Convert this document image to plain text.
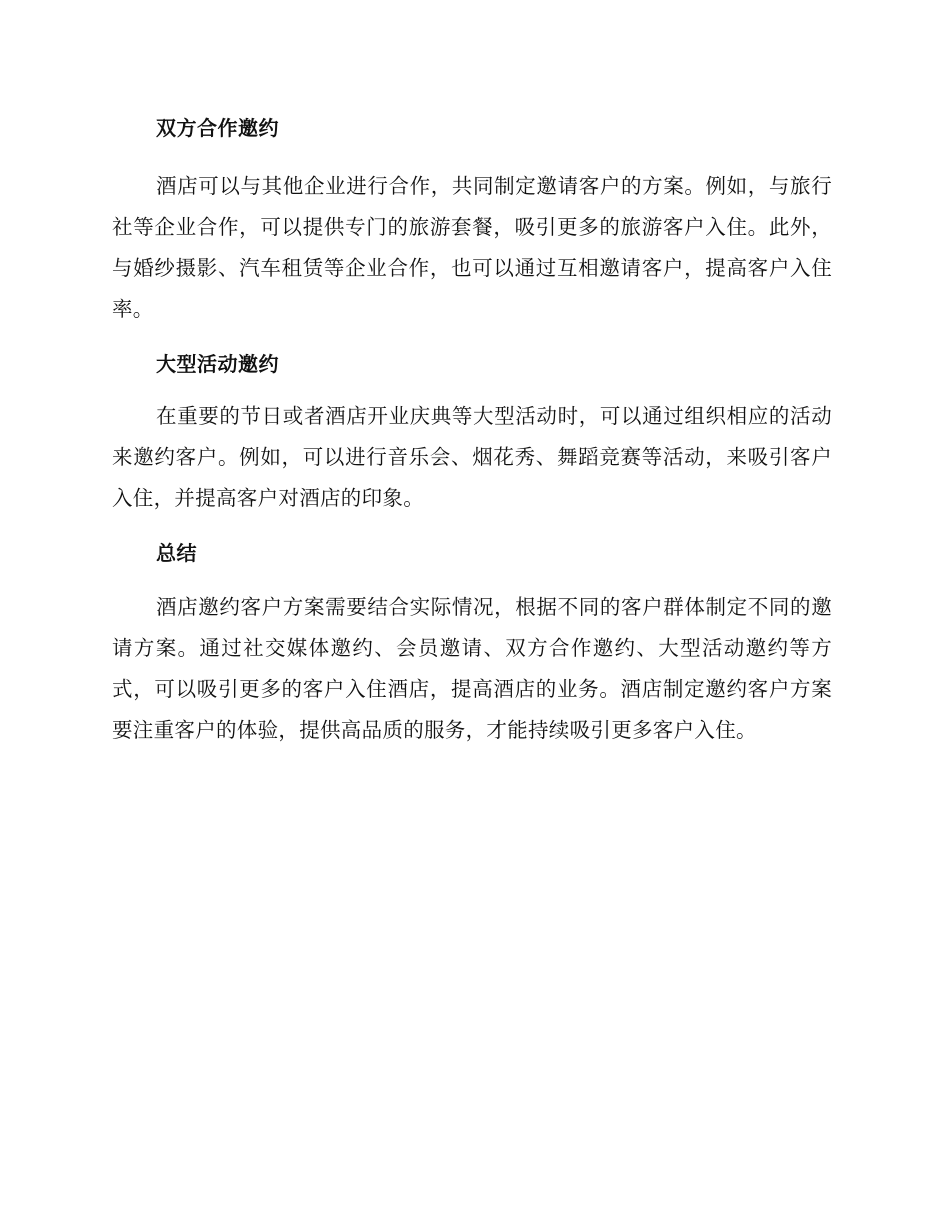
双方合作邀约

酒店可以与其他企业进行合作，共同制定邀请客户的方案。例如，与旅行社等企业合作，可以提供专门的旅游套餐，吸引更多的旅游客户入住。此外，与婚纱摄影、汽车租赁等企业合作，也可以通过互相邀请客户，提高客户入住率。

大型活动邀约

在重要的节日或者酒店开业庆典等大型活动时，可以通过组织相应的活动来邀约客户。例如，可以进行音乐会、烟花秀、舞蹈竞赛等活动，来吸引客户入住，并提高客户对酒店的印象。

总结

酒店邀约客户方案需要结合实际情况，根据不同的客户群体制定不同的邀请方案。通过社交媒体邀约、会员邀请、双方合作邀约、大型活动邀约等方式，可以吸引更多的客户入住酒店，提高酒店的业务。酒店制定邀约客户方案要注重客户的体验，提供高品质的服务，才能持续吸引更多客户入住。
